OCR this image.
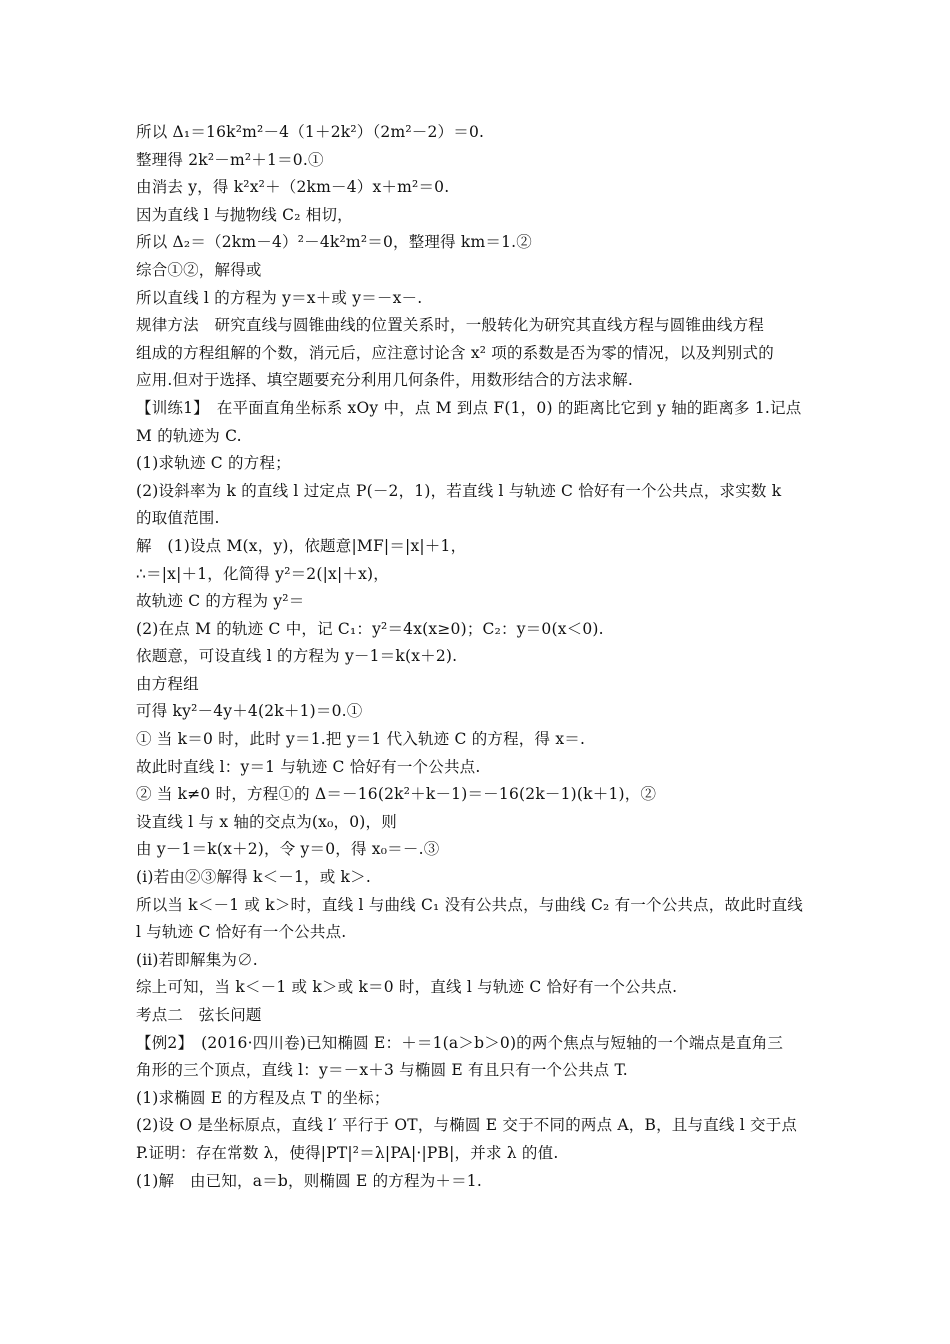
所以 Δ₁＝16k²m²－4（1＋2k²）（2m²－2）＝0.
整理得 2k²－m²＋1＝0.①
由消去 y，得 k²x²＋（2km－4）x＋m²＝0.
因为直线 l 与抛物线 C₂ 相切，
所以 Δ₂＝（2km－4）²－4k²m²＝0，整理得 km＝1.②
综合①②，解得或
所以直线 l 的方程为 y＝x＋或 y＝－x－.
规律方法　研究直线与圆锥曲线的位置关系时，一般转化为研究其直线方程与圆锥曲线方程
组成的方程组解的个数，消元后，应注意讨论含 x² 项的系数是否为零的情况，以及判别式的
应用.但对于选择、填空题要充分利用几何条件，用数形结合的方法求解.
【训练1】　在平面直角坐标系 xOy 中，点 M 到点 F(1，0) 的距离比它到 y 轴的距离多 1.记点
M 的轨迹为 C.
(1)求轨迹 C 的方程；
(2)设斜率为 k 的直线 l 过定点 P(－2，1)，若直线 l 与轨迹 C 恰好有一个公共点，求实数 k
的取值范围.
解　(1)设点 M(x，y)，依题意|MF|＝|x|＋1，
∴＝|x|＋1，化简得 y²＝2(|x|＋x)，
故轨迹 C 的方程为 y²＝
(2)在点 M 的轨迹 C 中，记 C₁：y²＝4x(x≥0)；C₂：y＝0(x＜0).
依题意，可设直线 l 的方程为 y－1＝k(x＋2).
由方程组
可得 ky²－4y＋4(2k＋1)＝0.①
① 当 k＝0 时，此时 y＝1.把 y＝1 代入轨迹 C 的方程，得 x＝.
故此时直线 l：y＝1 与轨迹 C 恰好有一个公共点.
② 当 k≠0 时，方程①的 Δ＝－16(2k²＋k－1)＝－16(2k－1)(k＋1)，②
设直线 l 与 x 轴的交点为(x₀，0)，则
由 y－1＝k(x＋2)，令 y＝0，得 x₀＝－.③
(ⅰ)若由②③解得 k＜－1，或 k＞.
所以当 k＜－1 或 k＞时，直线 l 与曲线 C₁ 没有公共点，与曲线 C₂ 有一个公共点，故此时直线
l 与轨迹 C 恰好有一个公共点.
(ⅱ)若即解集为∅.
综上可知，当 k＜－1 或 k＞或 k＝0 时，直线 l 与轨迹 C 恰好有一个公共点.
考点二　弦长问题
【例2】　(2016·四川卷)已知椭圆 E：＋＝1(a＞b＞0)的两个焦点与短轴的一个端点是直角三
角形的三个顶点，直线 l：y＝－x＋3 与椭圆 E 有且只有一个公共点 T.
(1)求椭圆 E 的方程及点 T 的坐标；
(2)设 O 是坐标原点，直线 l′ 平行于 OT，与椭圆 E 交于不同的两点 A，B，且与直线 l 交于点
P.证明：存在常数 λ，使得|PT|²＝λ|PA|·|PB|，并求 λ 的值.
(1)解　由已知，a＝b，则椭圆 E 的方程为＋＝1.
